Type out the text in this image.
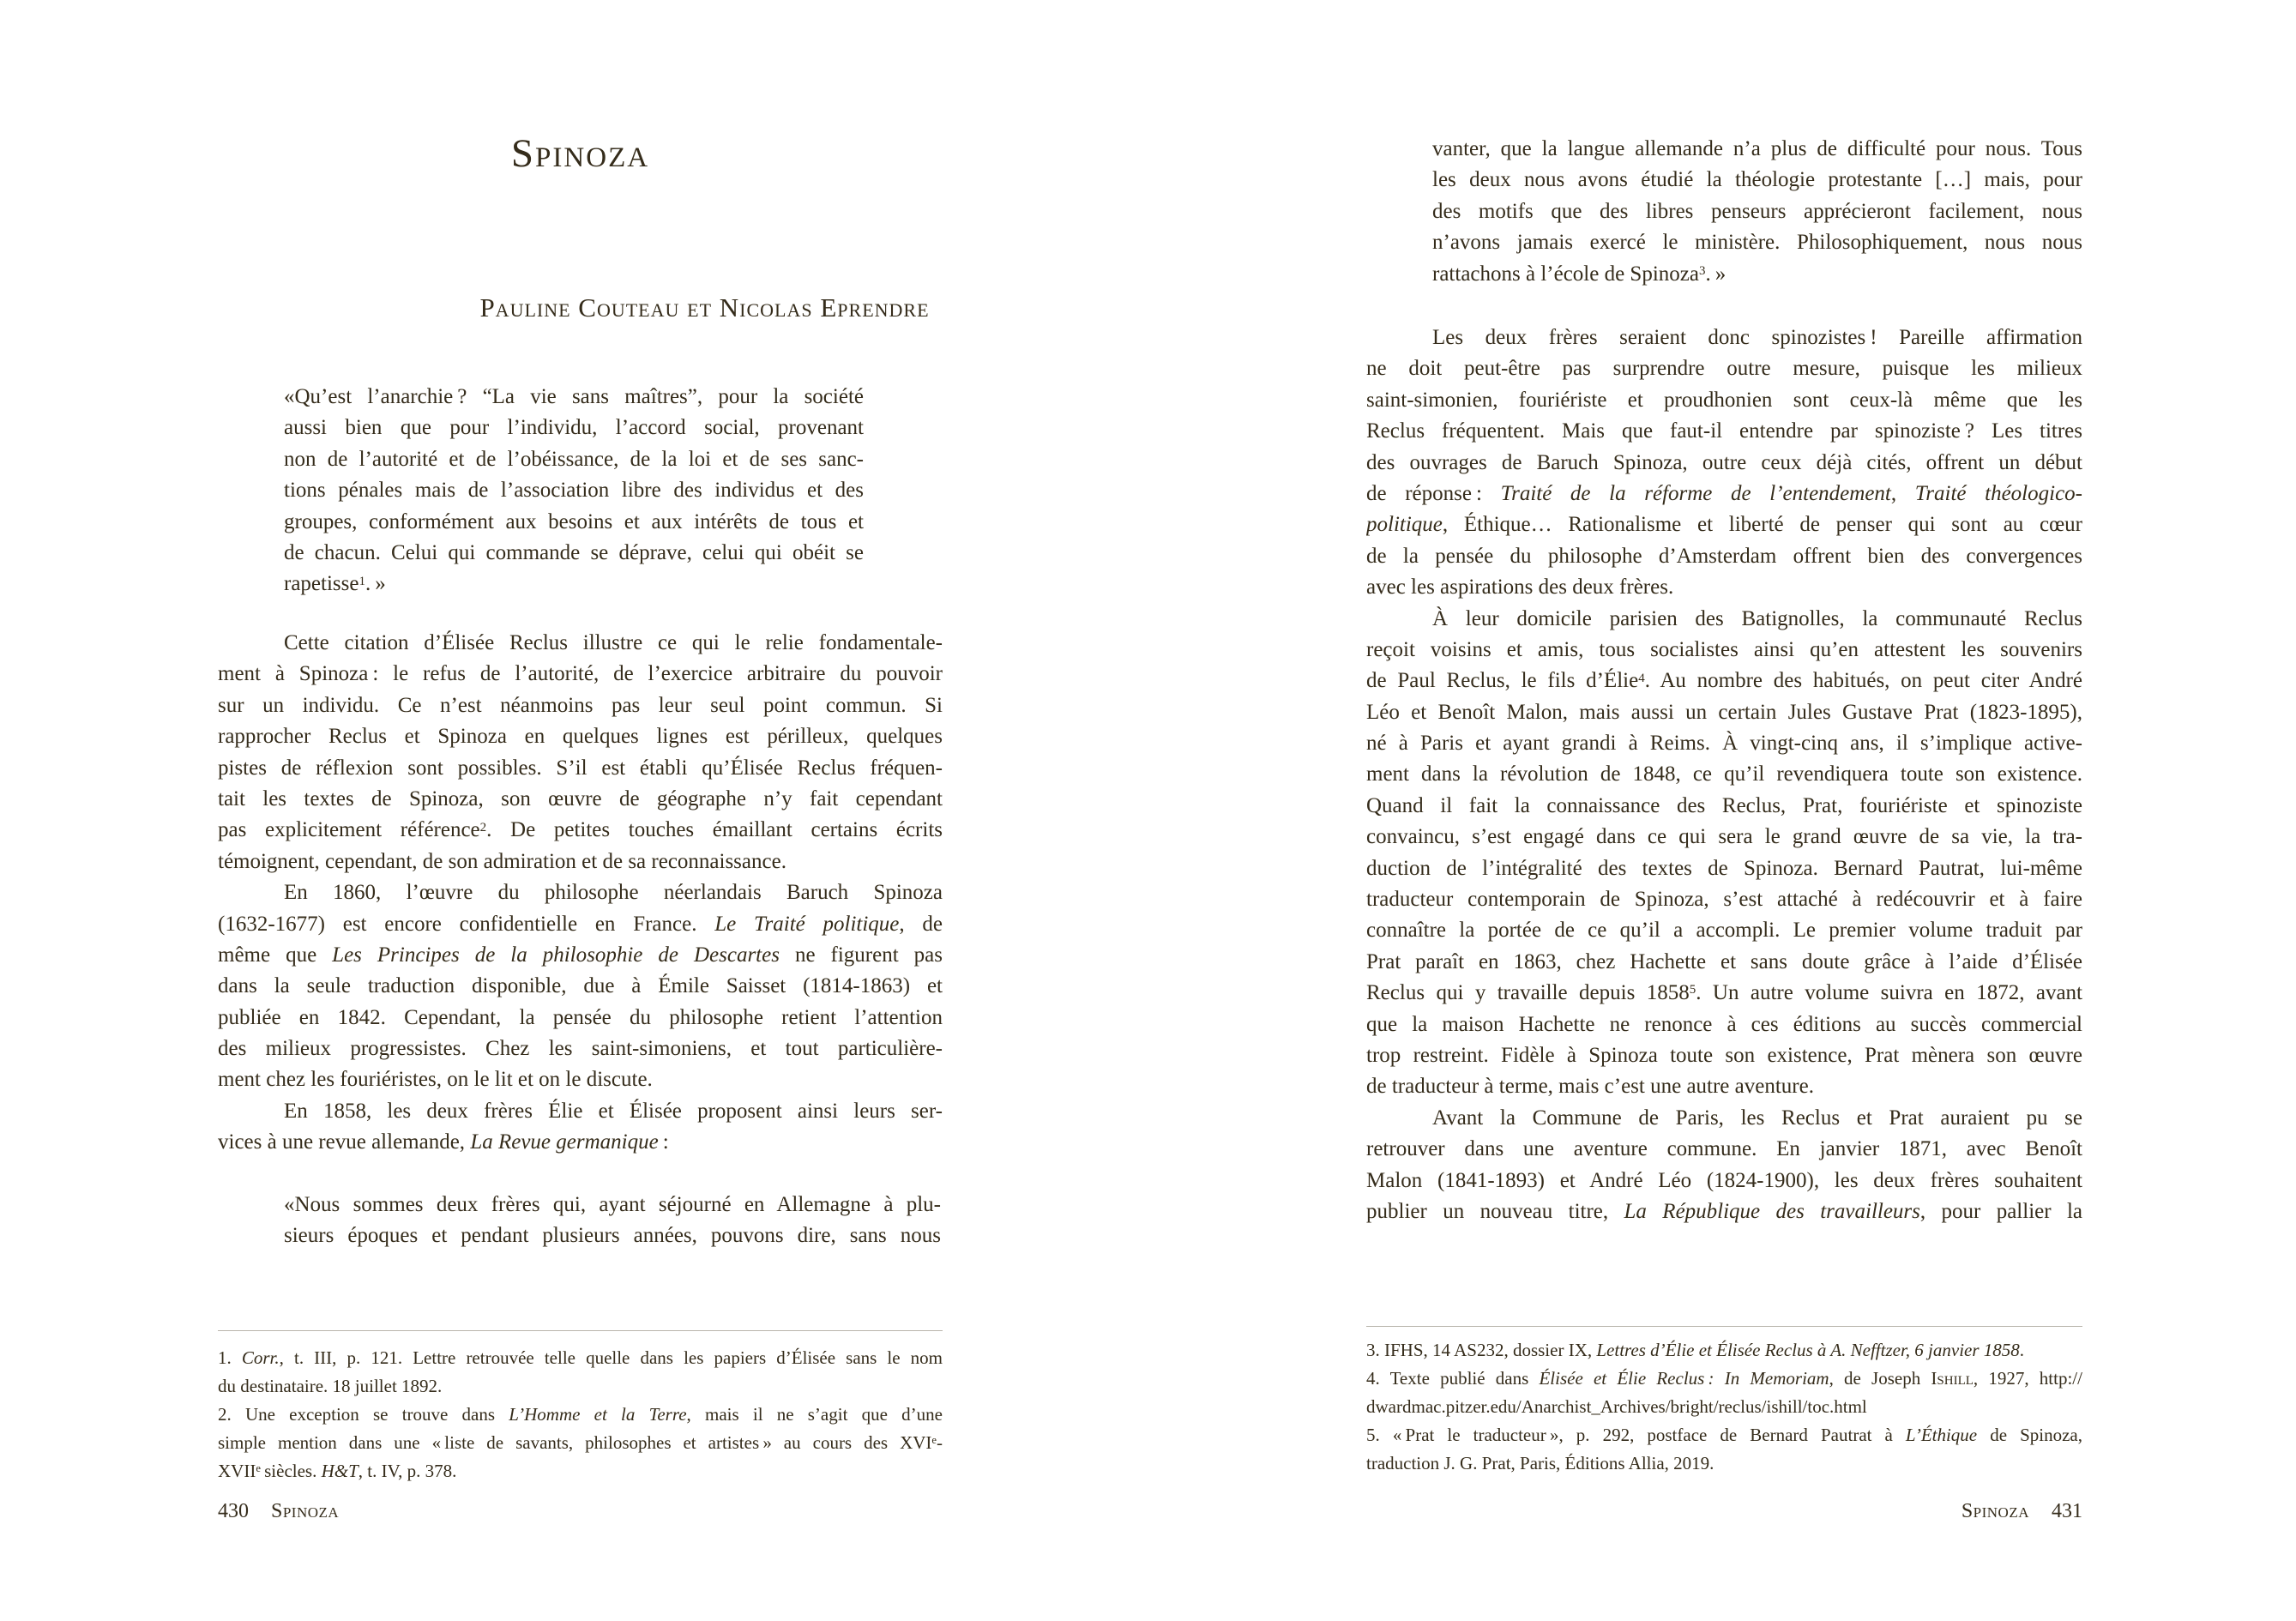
Spinoza
Pauline Couteau et Nicolas Eprendre
«Qu’est l’anarchie ? “La vie sans maîtres”, pour la société
aussi bien que pour l’individu, l’accord social, provenant
non de l’autorité et de l’obéissance, de la loi et de ses sanc-
tions pénales mais de l’association libre des individus et des
groupes, conformément aux besoins et aux intérêts de tous et
de chacun. Celui qui commande se déprave, celui qui obéit se
rapetisse$^1$. »
Cette citation d’Élisée Reclus illustre ce qui le relie fondamentale-
ment à Spinoza : le refus de l’autorité, de l’exercice arbitraire du pouvoir
sur un individu. Ce n’est néanmoins pas leur seul point commun. Si
rapprocher Reclus et Spinoza en quelques lignes est périlleux, quelques
pistes de réflexion sont possibles. S’il est établi qu’Élisée Reclus fréquen-
tait les textes de Spinoza, son œuvre de géographe n’y fait cependant
pas explicitement référence$^2$. De petites touches émaillant certains écrits
témoignent, cependant, de son admiration et de sa reconnaissance.
En 1860, l’œuvre du philosophe néerlandais Baruch Spinoza
(1632-1677) est encore confidentielle en France. Le Traité politique, de
même que Les Principes de la philosophie de Descartes ne figurent pas
dans la seule traduction disponible, due à Émile Saisset (1814-1863) et
publiée en 1842. Cependant, la pensée du philosophe retient l’attention
des milieux progressistes. Chez les saint-simoniens, et tout particulière-
ment chez les fouriéristes, on le lit et on le discute.
En 1858, les deux frères Élie et Élisée proposent ainsi leurs ser-
vices à une revue allemande, La Revue germanique :
«Nous sommes deux frères qui, ayant séjourné en Allemagne à plu-
sieurs époques et pendant plusieurs années, pouvons dire, sans nous
1. Corr., t. III, p. 121. Lettre retrouvée telle quelle dans les papiers d’Élisée sans le nom
du destinataire. 18 juillet 1892.
2. Une exception se trouve dans L’Homme et la Terre, mais il ne s’agit que d’une
simple mention dans une « liste de savants, philosophes et artistes » au cours des XVIe-
XVIIe siècles. H&T, t. IV, p. 378.
430 Spinoza
vanter, que la langue allemande n’a plus de difficulté pour nous. Tous
les deux nous avons étudié la théologie protestante […] mais, pour
des motifs que des libres penseurs apprécieront facilement, nous
n’avons jamais exercé le ministère. Philosophiquement, nous nous
rattachons à l’école de Spinoza$^3$. »
Les deux frères seraient donc spinozistes ! Pareille affirmation
ne doit peut-être pas surprendre outre mesure, puisque les milieux
saint-simonien, fouriériste et proudhonien sont ceux-là même que les
Reclus fréquentent. Mais que faut-il entendre par spinoziste ? Les titres
des ouvrages de Baruch Spinoza, outre ceux déjà cités, offrent un début
de réponse : Traité de la réforme de l’entendement, Traité théologico-
politique, Éthique… Rationalisme et liberté de penser qui sont au cœur
de la pensée du philosophe d’Amsterdam offrent bien des convergences
avec les aspirations des deux frères.
À leur domicile parisien des Batignolles, la communauté Reclus
reçoit voisins et amis, tous socialistes ainsi qu’en attestent les souvenirs
de Paul Reclus, le fils d’Élie$^4$. Au nombre des habitués, on peut citer André
Léo et Benoît Malon, mais aussi un certain Jules Gustave Prat (1823-1895),
né à Paris et ayant grandi à Reims. À vingt-cinq ans, il s’implique active-
ment dans la révolution de 1848, ce qu’il revendiquera toute son existence.
Quand il fait la connaissance des Reclus, Prat, fouriériste et spinoziste
convaincu, s’est engagé dans ce qui sera le grand œuvre de sa vie, la tra-
duction de l’intégralité des textes de Spinoza. Bernard Pautrat, lui-même
traducteur contemporain de Spinoza, s’est attaché à redécouvrir et à faire
connaître la portée de ce qu’il a accompli. Le premier volume traduit par
Prat paraît en 1863, chez Hachette et sans doute grâce à l’aide d’Élisée
Reclus qui y travaille depuis 1858$^5$. Un autre volume suivra en 1872, avant
que la maison Hachette ne renonce à ces éditions au succès commercial
trop restreint. Fidèle à Spinoza toute son existence, Prat mènera son œuvre
de traducteur à terme, mais c’est une autre aventure.
Avant la Commune de Paris, les Reclus et Prat auraient pu se
retrouver dans une aventure commune. En janvier 1871, avec Benoît
Malon (1841-1893) et André Léo (1824-1900), les deux frères souhaitent
publier un nouveau titre, La République des travailleurs, pour pallier la
3. IFHS, 14 AS232, dossier IX, Lettres d’Élie et Élisée Reclus à A. Nefftzer, 6 janvier 1858.
4. Texte publié dans Élisée et Élie Reclus : In Memoriam, de Joseph Ishill, 1927, http://
dwardmac.pitzer.edu/Anarchist_Archives/bright/reclus/ishill/toc.html
5. « Prat le traducteur », p. 292, postface de Bernard Pautrat à L’Éthique de Spinoza,
traduction J. G. Prat, Paris, Éditions Allia, 2019.
Spinoza 431
